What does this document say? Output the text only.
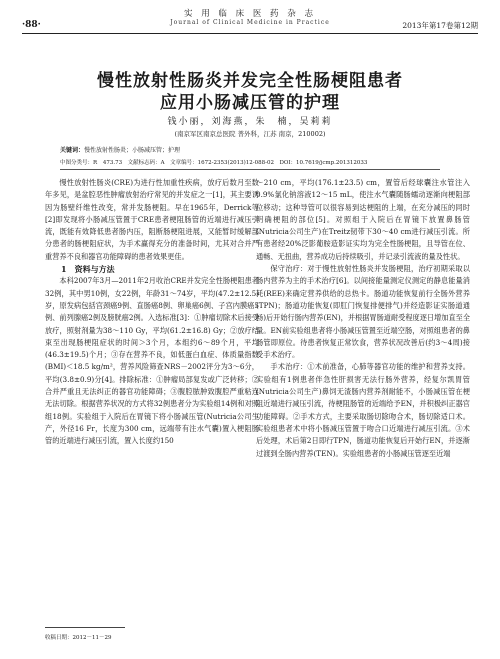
·88·
实 用 临 床 医 药 杂 志
Journal of Clinical Medicine in Practice	2013年第17卷第12期
慢性放射性肠炎并发完全性肠梗阻患者
应用小肠减压管的护理
钱小丽，刘海燕，朱　楠，吴莉莉
(南京军区南京总医院 普外科，江苏 南京，210002)
关键词：慢性放射性肠炎；小肠减压管；护理
中图分类号：R 473.73　文献标志码：A　文章编号：1672-2353(2013)12-088-02　DOI：10.7619/jcmp.201312033

慢性放射性肠炎(CRE)为进行性加重性疾病，放疗后数月至数年多见，是盆腔恶性肿瘤放射治疗常见的并发症之一[1]，其主要诱因为肠壁纤维性改变，常并发肠梗阻。早在1965年，Derrick等[2]即发现将小肠减压管置于CRE患者梗阻肠管的近端进行减压引流，既能有效降低患者肠内压，阻断肠梗阻进展，又能暂时缓解部分患者的肠梗阻症状，为手术赢得充分的准备时间，尤其对合并严重营养不良和器官功能障碍的患者效果更佳。

1　资料与方法

本科2007年3月—2011年2月收治CRE并发完全性肠梗阻患者32例，其中男10例，女22例，年龄31～74岁，平均(47.2±12.5)岁，原发病包括宫颈癌9例、直肠癌8例、卵巢癌6例、子宫内膜癌5例、前列腺癌2例及膀胱癌2例。入选标准[3]：①肿瘤切除术后接受放疗，照射剂量为38～110 Gy，平均(61.2±16.8) Gy；②放疗结束至出现肠梗阻症状的时间＞3个月，本组约6～89个月，平均(46.3±19.5)个月；③存在营养不良，如低蛋白血症、体质量指数(BMI)＜18.5 kg/m²，营养风险筛查NRS－2002评分为3～6分，平均(3.8±0.9)分[4]。排除标准：①肿瘤局部复发或广泛转移；②合并严重且无法纠正的器官功能障碍；③腹腔脓肿致腹腔严重粘连无法切除。根据营养状况的方式将32例患者分为实验组14例和对照组18例。实验组于入院后在胃镜下将小肠减压管(Nutricia公司生产，外径16 Fr，长度为300 cm，远端带有注水气囊)置入梗阻肠管的近端进行减压引流，置入长度约150

～210 cm，平均(176.1±23.5) cm，置管后经球囊注水管注入0.9%氯化钠溶液12～15 mL，使注水气囊随肠蠕动逐渐向梗阻部位移动；这种导管可以很容易到达梗阻的上端，在充分减压的同时明确梗阻的部位[5]。对照组于入院后在胃镜下放置鼻肠管(Nutricia公司生产)在Treitz韧带下30～40 cm进行减压引流。所有患者经20%泛影葡胺造影证实均为完全性肠梗阻，且导管在位、通畅、无扭曲，营养成功后持续吸引，并记录引流液的量及性状。

保守治疗：对于慢性放射性肠炎并发肠梗阻，治疗初期采取以肠内营养为主的手术治疗[6]。以间接能量测定仪测定的静息能量消耗(REE)来确定营养供给的总热卡。肠道功能恢复前行全肠外营养(TPN)；肠道功能恢复(即肛门恢复排便排气)并经造影证实肠道通畅)后开始行肠内营养(EN)，并根据胃肠道耐受程度逐日增加直至全量。EN前实验组患者将小肠减压管置至近端空肠，对照组患者的鼻肠管即原位。待患者恢复正常饮食，营养状况改善后(约3～4周)接受手术治疗。

手术治疗：①术前准备，心肺等器官功能的维护和营养支持。实验组有1例患者伴急性肝损害无法行肠外营养，经复尔凯胃管(Nutricia公司生产)鼻饲无渣肠内营养剂耐能不，小肠减压管在梗阻近端进行减压引流，待梗阻肠管的近端给予EN，并积极纠正器官功能障碍。②手术方式，主要采取肠切除吻合术，肠切除适口术。实验组患者术中将小肠减压管置于吻合口近端进行减压引流。③术后处理，术后第2日即行TPN，肠道功能恢复后开始行EN，并逐渐过渡到全肠内营养(TEN)。实验组患者的小肠减压管逐至近端

收稿日期：2012－11－29
